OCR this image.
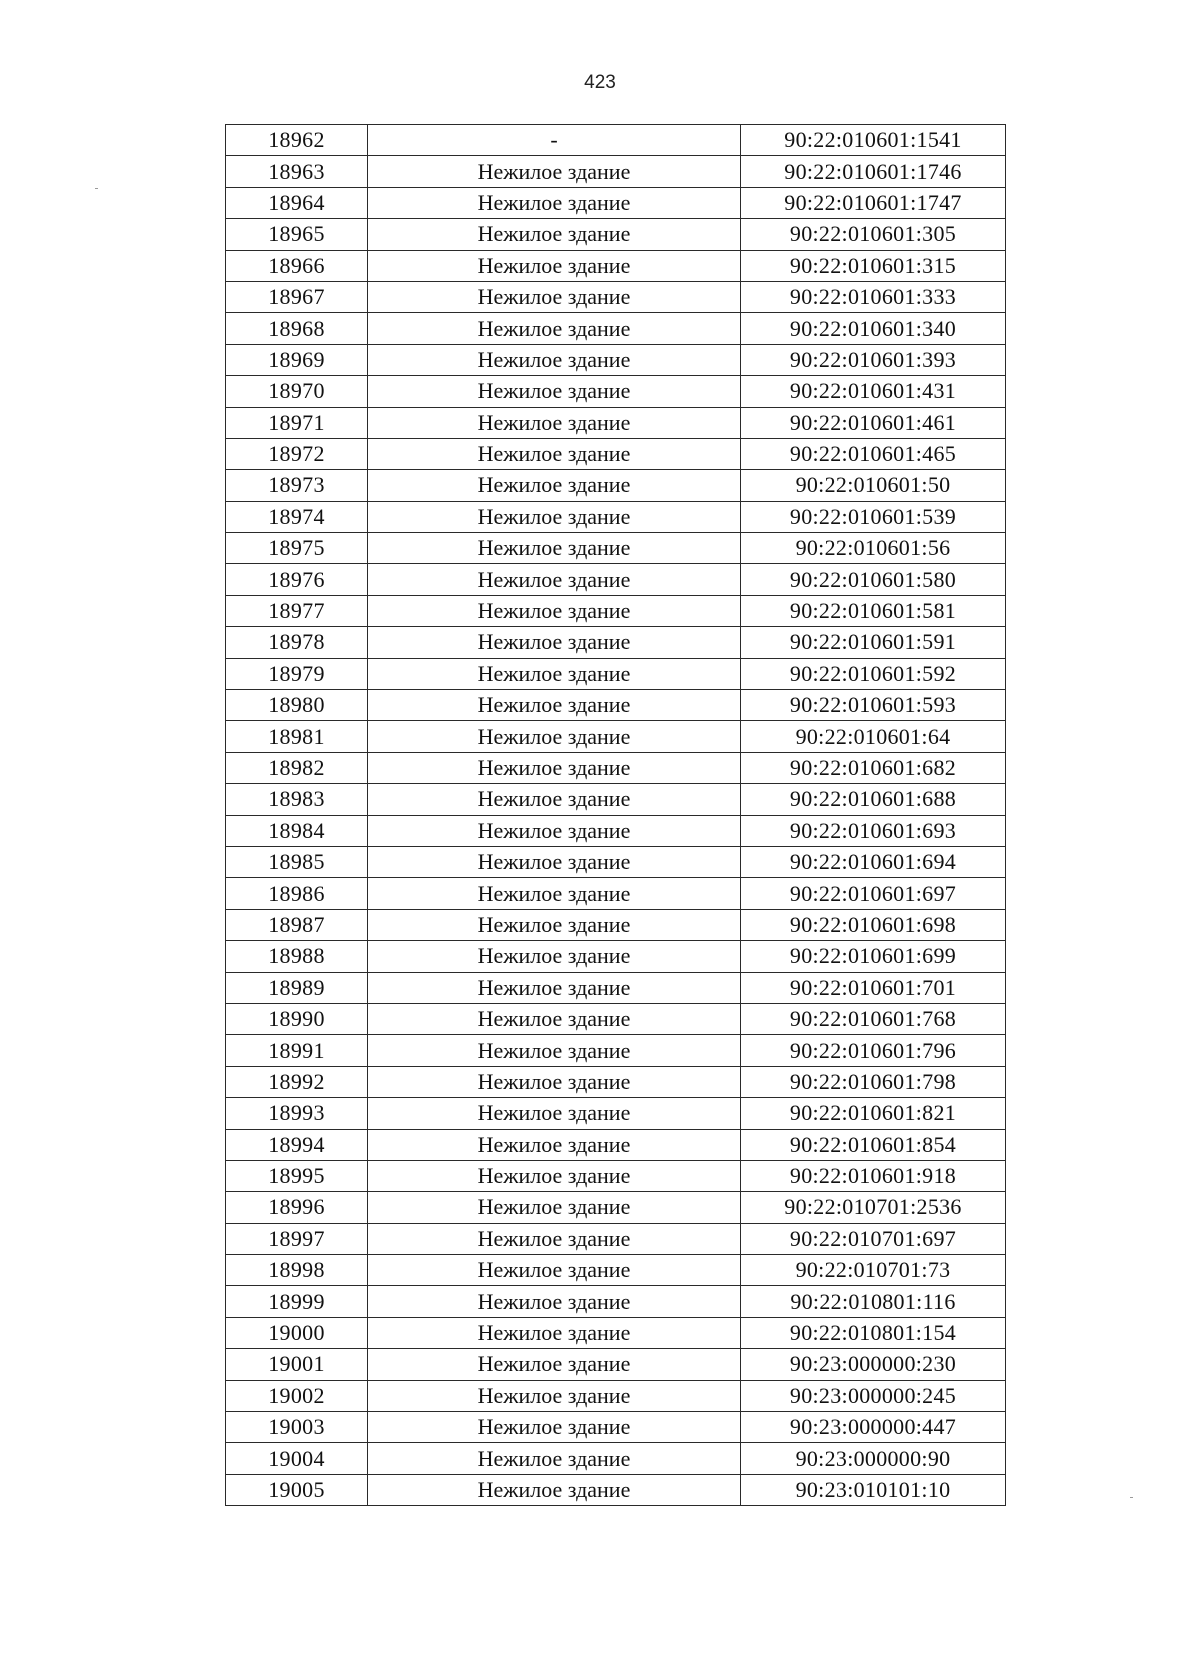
423
18962	-	90:22:010601:1541
18963	Нежилое здание	90:22:010601:1746
18964	Нежилое здание	90:22:010601:1747
18965	Нежилое здание	90:22:010601:305
18966	Нежилое здание	90:22:010601:315
18967	Нежилое здание	90:22:010601:333
18968	Нежилое здание	90:22:010601:340
18969	Нежилое здание	90:22:010601:393
18970	Нежилое здание	90:22:010601:431
18971	Нежилое здание	90:22:010601:461
18972	Нежилое здание	90:22:010601:465
18973	Нежилое здание	90:22:010601:50
18974	Нежилое здание	90:22:010601:539
18975	Нежилое здание	90:22:010601:56
18976	Нежилое здание	90:22:010601:580
18977	Нежилое здание	90:22:010601:581
18978	Нежилое здание	90:22:010601:591
18979	Нежилое здание	90:22:010601:592
18980	Нежилое здание	90:22:010601:593
18981	Нежилое здание	90:22:010601:64
18982	Нежилое здание	90:22:010601:682
18983	Нежилое здание	90:22:010601:688
18984	Нежилое здание	90:22:010601:693
18985	Нежилое здание	90:22:010601:694
18986	Нежилое здание	90:22:010601:697
18987	Нежилое здание	90:22:010601:698
18988	Нежилое здание	90:22:010601:699
18989	Нежилое здание	90:22:010601:701
18990	Нежилое здание	90:22:010601:768
18991	Нежилое здание	90:22:010601:796
18992	Нежилое здание	90:22:010601:798
18993	Нежилое здание	90:22:010601:821
18994	Нежилое здание	90:22:010601:854
18995	Нежилое здание	90:22:010601:918
18996	Нежилое здание	90:22:010701:2536
18997	Нежилое здание	90:22:010701:697
18998	Нежилое здание	90:22:010701:73
18999	Нежилое здание	90:22:010801:116
19000	Нежилое здание	90:22:010801:154
19001	Нежилое здание	90:23:000000:230
19002	Нежилое здание	90:23:000000:245
19003	Нежилое здание	90:23:000000:447
19004	Нежилое здание	90:23:000000:90
19005	Нежилое здание	90:23:010101:10
